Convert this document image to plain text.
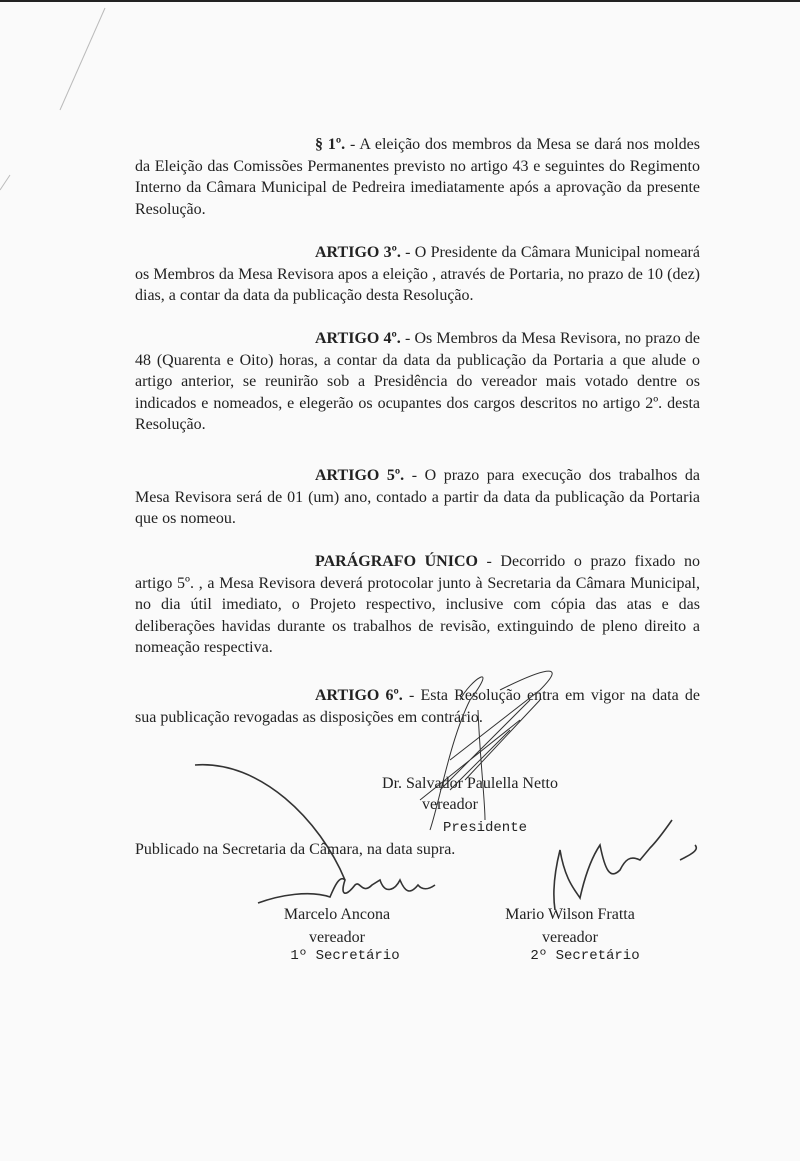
§ 1º. - A eleição dos membros da Mesa se dará nos moldes da Eleição das Comissões Permanentes previsto no artigo 43 e seguintes do Regimento Interno da Câmara Municipal de Pedreira imediatamente após a aprovação da presente Resolução.

ARTIGO 3º. - O Presidente da Câmara Municipal nomeará os Membros da Mesa Revisora apos a eleição , através de Portaria, no prazo de 10 (dez) dias, a contar da data da publicação desta Resolução.

ARTIGO 4º. - Os Membros da Mesa Revisora, no prazo de 48 (Quarenta e Oito) horas, a contar da data da publicação da Portaria a que alude o artigo anterior, se reunirão sob a Presidência do vereador mais votado dentre os indicados e nomeados, e elegerão os ocupantes dos cargos descritos no artigo 2º. desta Resolução.

ARTIGO 5º. - O prazo para execução dos trabalhos da Mesa Revisora será de 01 (um) ano, contado a partir da data da publicação da Portaria que os nomeou.

PARÁGRAFO ÚNICO - Decorrido o prazo fixado no artigo 5º. , a Mesa Revisora deverá protocolar junto à Secretaria da Câmara Municipal, no dia útil imediato, o Projeto respectivo, inclusive com cópia das atas e das deliberações havidas durante os trabalhos de revisão, extinguindo de pleno direito a nomeação respectiva.

ARTIGO 6º. - Esta Resolução entra em vigor na data de sua publicação revogadas as disposições em contrário.

Dr. Salvador Paulella Netto
vereador
Presidente
Publicado na Secretaria da Câmara, na data supra.
Marcelo Ancona
vereador
1º Secretário
Mario Wilson Fratta
vereador
2º Secretário
